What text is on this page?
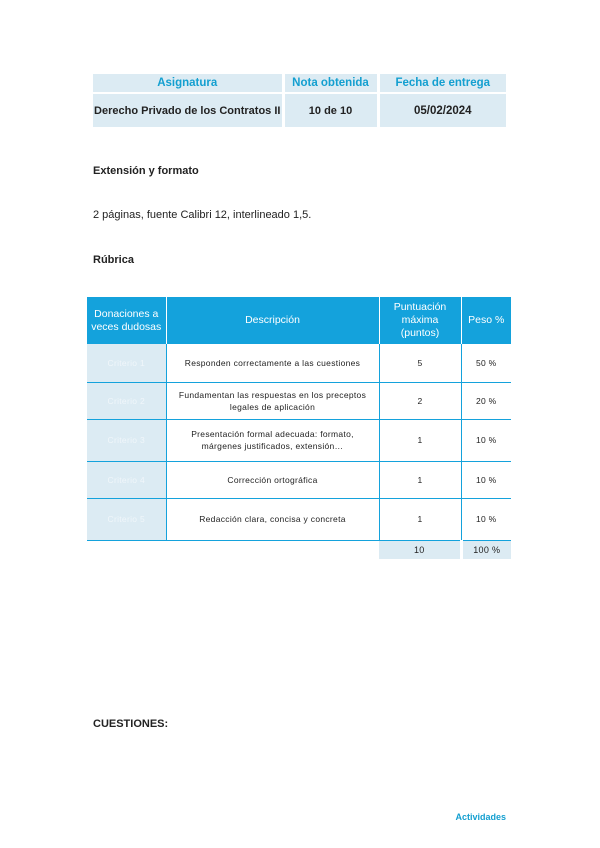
Asignatura	Nota obtenida	Fecha de entrega
Derecho Privado de los Contratos II	10 de 10	05/02/2024

Extensión y formato

2 páginas, fuente Calibri 12, interlineado 1,5.

Rúbrica

Donaciones a veces dudosas	Descripción	Puntuación máxima (puntos)	Peso %
Criterio 1	Responden correctamente a las cuestiones	5	50 %
Criterio 2	Fundamentan las respuestas en los preceptos legales de aplicación	2	20 %
Criterio 3	Presentación formal adecuada: formato, márgenes justificados, extensión…	1	10 %
Criterio 4	Corrección ortográfica	1	10 %
Criterio 5	Redacción clara, concisa y concreta	1	10 %
		10	100 %

CUESTIONES:

Actividades
